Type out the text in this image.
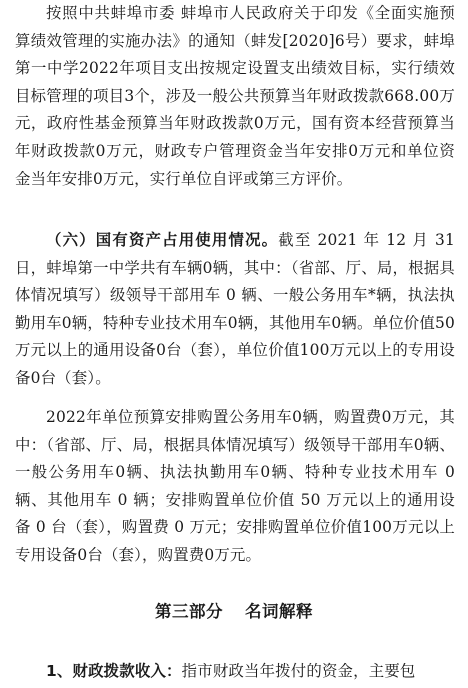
按照中共蚌埠市委 蚌埠市人民政府关于印发《全面实施预算绩效管理的实施办法》的通知（蚌发[2020]6号）要求，蚌埠第一中学2022年项目支出按规定设置支出绩效目标，实行绩效目标管理的项目3个，涉及一般公共预算当年财政拨款668.00万元，政府性基金预算当年财政拨款0万元，国有资本经营预算当年财政拨款0万元，财政专户管理资金当年安排0万元和单位资金当年安排0万元，实行单位自评或第三方评价。

（六）国有资产占用使用情况。截至 2021 年 12 月 31 日，蚌埠第一中学共有车辆0辆，其中：（省部、厅、局，根据具体情况填写）级领导干部用车 0 辆、一般公务用车*辆，执法执勤用车0辆，特种专业技术用车0辆，其他用车0辆。单位价值50万元以上的通用设备0台（套），单位价值100万元以上的专用设备0台（套）。

2022年单位预算安排购置公务用车0辆，购置费0万元，其中：（省部、厅、局，根据具体情况填写）级领导干部用车0辆、一般公务用车0辆、执法执勤用车0辆、特种专业技术用车 0 辆、其他用车 0 辆；安排购置单位价值 50 万元以上的通用设备 0 台（套），购置费 0 万元；安排购置单位价值100万元以上专用设备0台（套），购置费0万元。

第三部分 名词解释

1、财政拨款收入：指市财政当年拨付的资金，主要包
